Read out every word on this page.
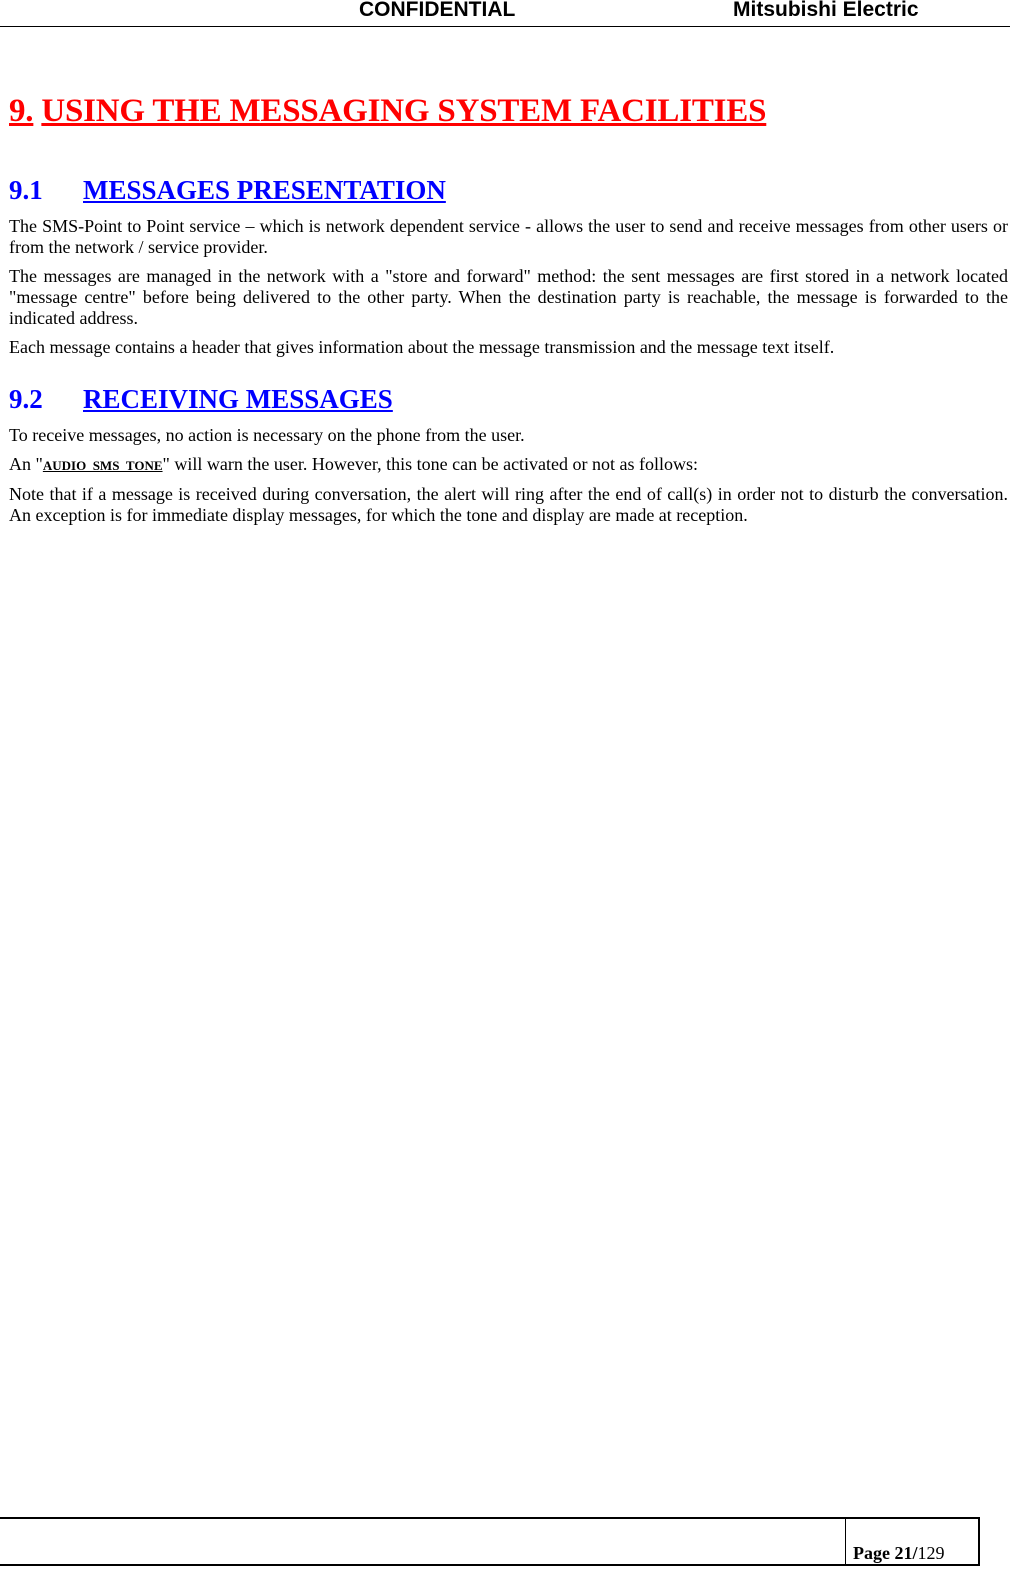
CONFIDENTIAL	Mitsubishi Electric
9. USING THE MESSAGING SYSTEM FACILITIES
9.1 MESSAGES PRESENTATION

The SMS-Point to Point service – which is network dependent service - allows the user to send and receive messages from other users or from the network / service provider.

The messages are managed in the network with a "store and forward" method: the sent messages are first stored in a network located "message centre" before being delivered to the other party. When the destination party is reachable, the message is forwarded to the indicated address.

Each message contains a header that gives information about the message transmission and the message text itself.

9.2 RECEIVING MESSAGES

To receive messages, no action is necessary on the phone from the user.

An "AUDIO_SMS_TONE" will warn the user. However, this tone can be activated or not as follows:

Note that if a message is received during conversation, the alert will ring after the end of call(s) in order not to disturb the conversation. An exception is for immediate display messages, for which the tone and display are made at reception.

Page 21/129
